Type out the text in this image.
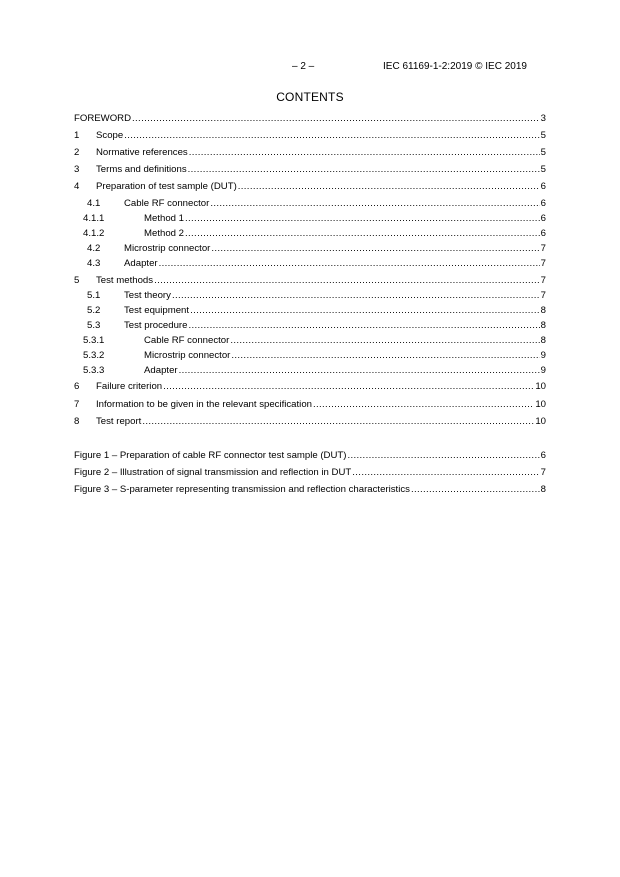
– 2 –	IEC 61169-1-2:2019 © IEC 2019
CONTENTS
FOREWORD .....	3
1	Scope .....	5
2	Normative references .....	5
3	Terms and definitions .....	5
4	Preparation of test sample (DUT) .....	6
4.1	Cable RF connector .....	6
4.1.1	Method 1 .....	6
4.1.2	Method 2 .....	6
4.2	Microstrip connector .....	7
4.3	Adapter .....	7
5	Test methods .....	7
5.1	Test theory .....	7
5.2	Test equipment .....	8
5.3	Test procedure .....	8
5.3.1	Cable RF connector .....	8
5.3.2	Microstrip connector .....	9
5.3.3	Adapter .....	9
6	Failure criterion .....	10
7	Information to be given in the relevant specification .....	10
8	Test report .....	10
Figure 1 – Preparation of cable RF connector test sample (DUT) .....	6
Figure 2 – Illustration of signal transmission and reflection in DUT .....	7
Figure 3 – S-parameter representing transmission and reflection characteristics .....	8
